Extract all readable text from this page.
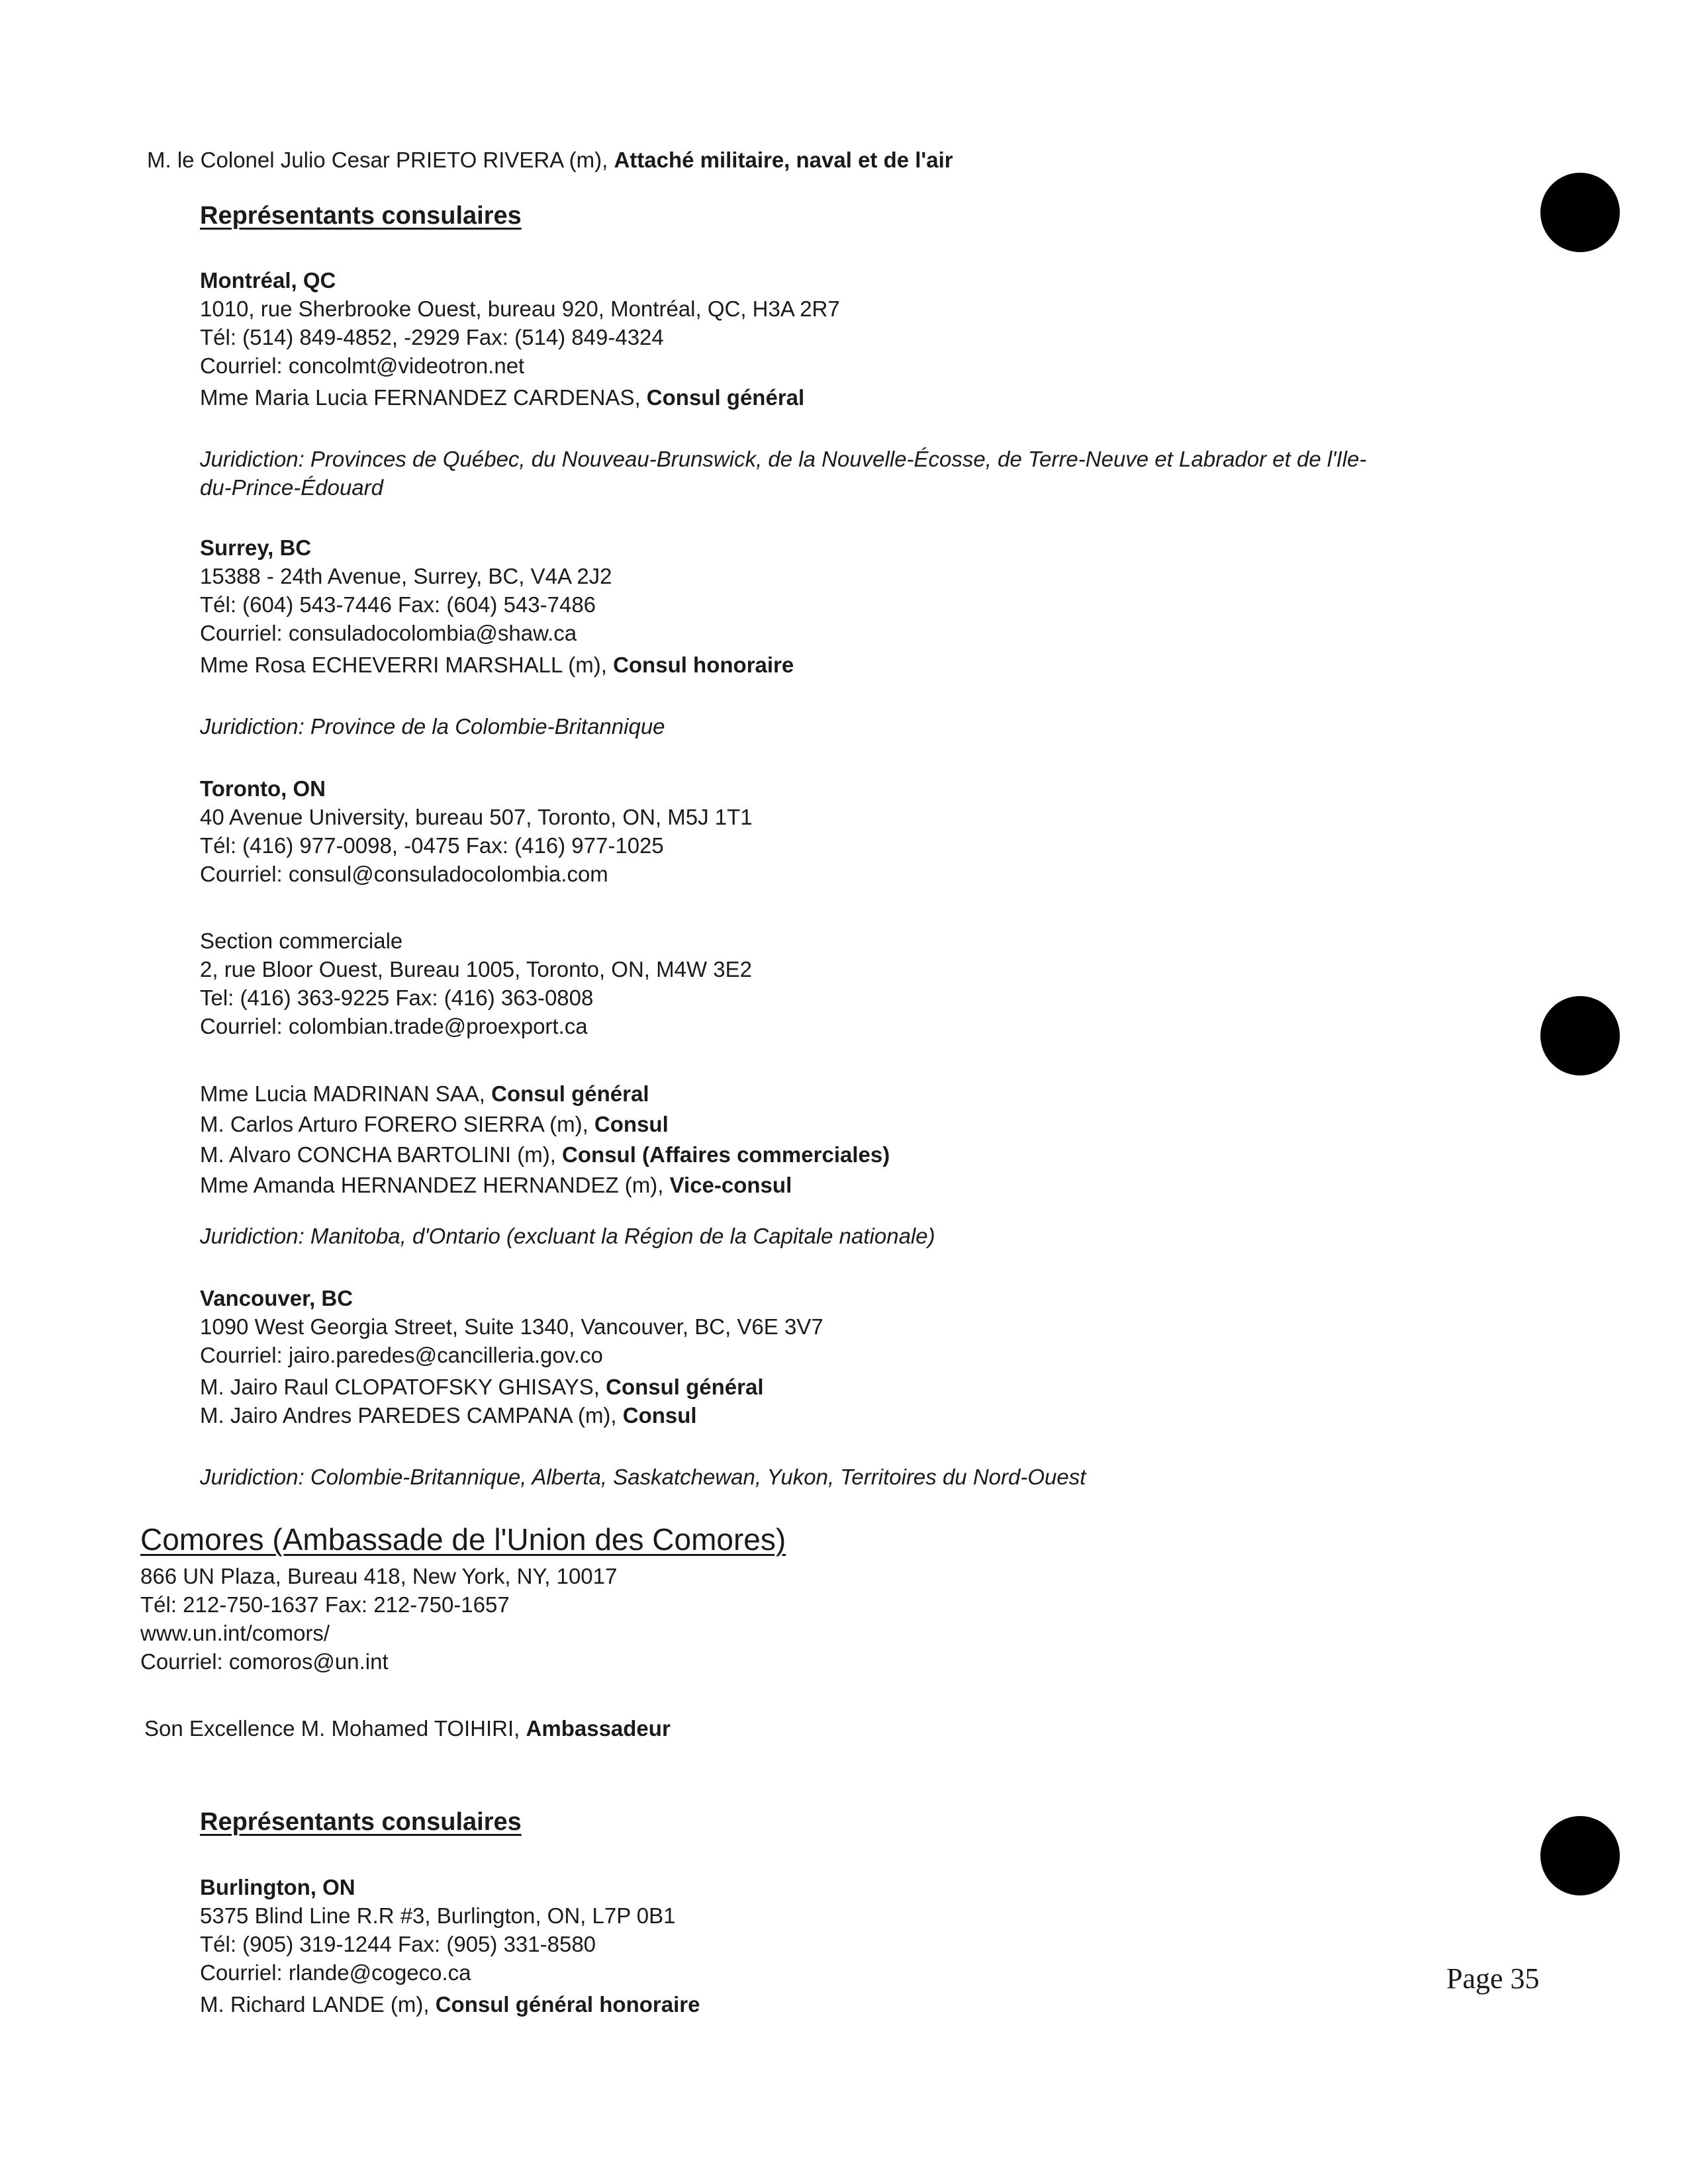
M. le Colonel Julio Cesar PRIETO RIVERA (m), Attaché militaire, naval et de l'air
Représentants consulaires
Montréal, QC
1010, rue Sherbrooke Ouest, bureau 920, Montréal, QC, H3A 2R7
Tél: (514) 849-4852, -2929 Fax: (514) 849-4324
Courriel: concolmt@videotron.net
Mme Maria Lucia FERNANDEZ CARDENAS, Consul général
Juridiction: Provinces de Québec, du Nouveau-Brunswick, de la Nouvelle-Écosse, de Terre-Neuve et Labrador et de l'Ile-
du-Prince-Édouard
Surrey, BC
15388 - 24th Avenue, Surrey, BC, V4A 2J2
Tél: (604) 543-7446 Fax: (604) 543-7486
Courriel: consuladocolombia@shaw.ca
Mme Rosa ECHEVERRI MARSHALL (m), Consul honoraire
Juridiction: Province de la Colombie-Britannique
Toronto, ON
40 Avenue University, bureau 507, Toronto, ON, M5J 1T1
Tél: (416) 977-0098, -0475 Fax: (416) 977-1025
Courriel: consul@consuladocolombia.com
Section commerciale
2, rue Bloor Ouest, Bureau 1005, Toronto, ON, M4W 3E2
Tel: (416) 363-9225 Fax: (416) 363-0808
Courriel: colombian.trade@proexport.ca
Mme Lucia MADRINAN SAA, Consul général
M. Carlos Arturo FORERO SIERRA (m), Consul
M. Alvaro CONCHA BARTOLINI (m), Consul (Affaires commerciales)
Mme Amanda HERNANDEZ HERNANDEZ (m), Vice-consul
Juridiction: Manitoba, d'Ontario (excluant la Région de la Capitale nationale)
Vancouver, BC
1090 West Georgia Street, Suite 1340, Vancouver, BC, V6E 3V7
Courriel: jairo.paredes@cancilleria.gov.co
M. Jairo Raul CLOPATOFSKY GHISAYS, Consul général
M. Jairo Andres PAREDES CAMPANA (m), Consul
Juridiction: Colombie-Britannique, Alberta, Saskatchewan, Yukon, Territoires du Nord-Ouest
Comores (Ambassade de l'Union des Comores)
866 UN Plaza, Bureau 418, New York, NY, 10017
Tél: 212-750-1637 Fax: 212-750-1657
www.un.int/comors/
Courriel: comoros@un.int
Son Excellence M. Mohamed TOIHIRI, Ambassadeur
Représentants consulaires
Burlington, ON
5375 Blind Line R.R #3, Burlington, ON, L7P 0B1
Tél: (905) 319-1244 Fax: (905) 331-8580
Courriel: rlande@cogeco.ca
M. Richard LANDE (m), Consul général honoraire
Page 35
